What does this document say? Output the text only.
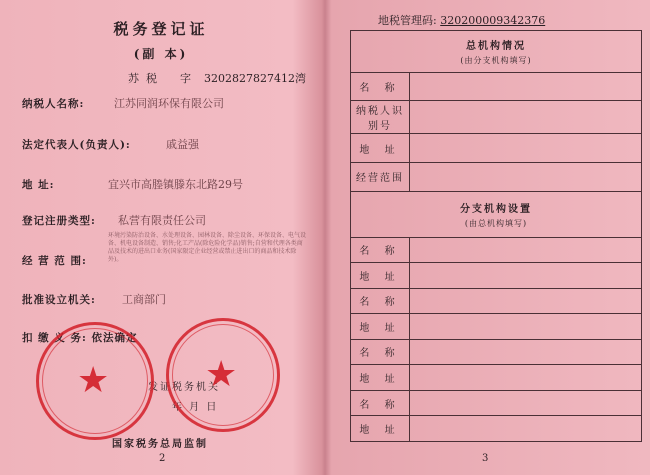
税务登记证
(副 本)
苏 税 字 320282782741​2湾
纳税人名称:	江苏同润环保有限公司
法定代表人(负责人):	戚益强
地 址:	宜兴市高塍镇滕东北路29号
登记注册类型: 私营有限责任公司
经 营 范 围:
环境污染防治设备、水处理设备、园林设备、除尘设备、环保设备、电气设备、机电设备制造、销售;化工产品(除危险化学品)销售;自营和代理各类商品及技术的进出口业务(国家限定企业经营或禁止进出口的商品和技术除外)。
批准设立机关: 工商部门
扣 缴 义 务: 依法确定
发证税务机关
年 月 日
★	★
国家税务总局监制
2
地税管理码: 320200009342376
总机构情况
(由分支机构填写)	

名 称	
纳税人识别号	
地 址	
经营范围	
分支机构设置
(由总机构填写)	

名 称	
地 址	
名 称	
地 址	
名 称	
地 址	
名 称	
地 址	
3
